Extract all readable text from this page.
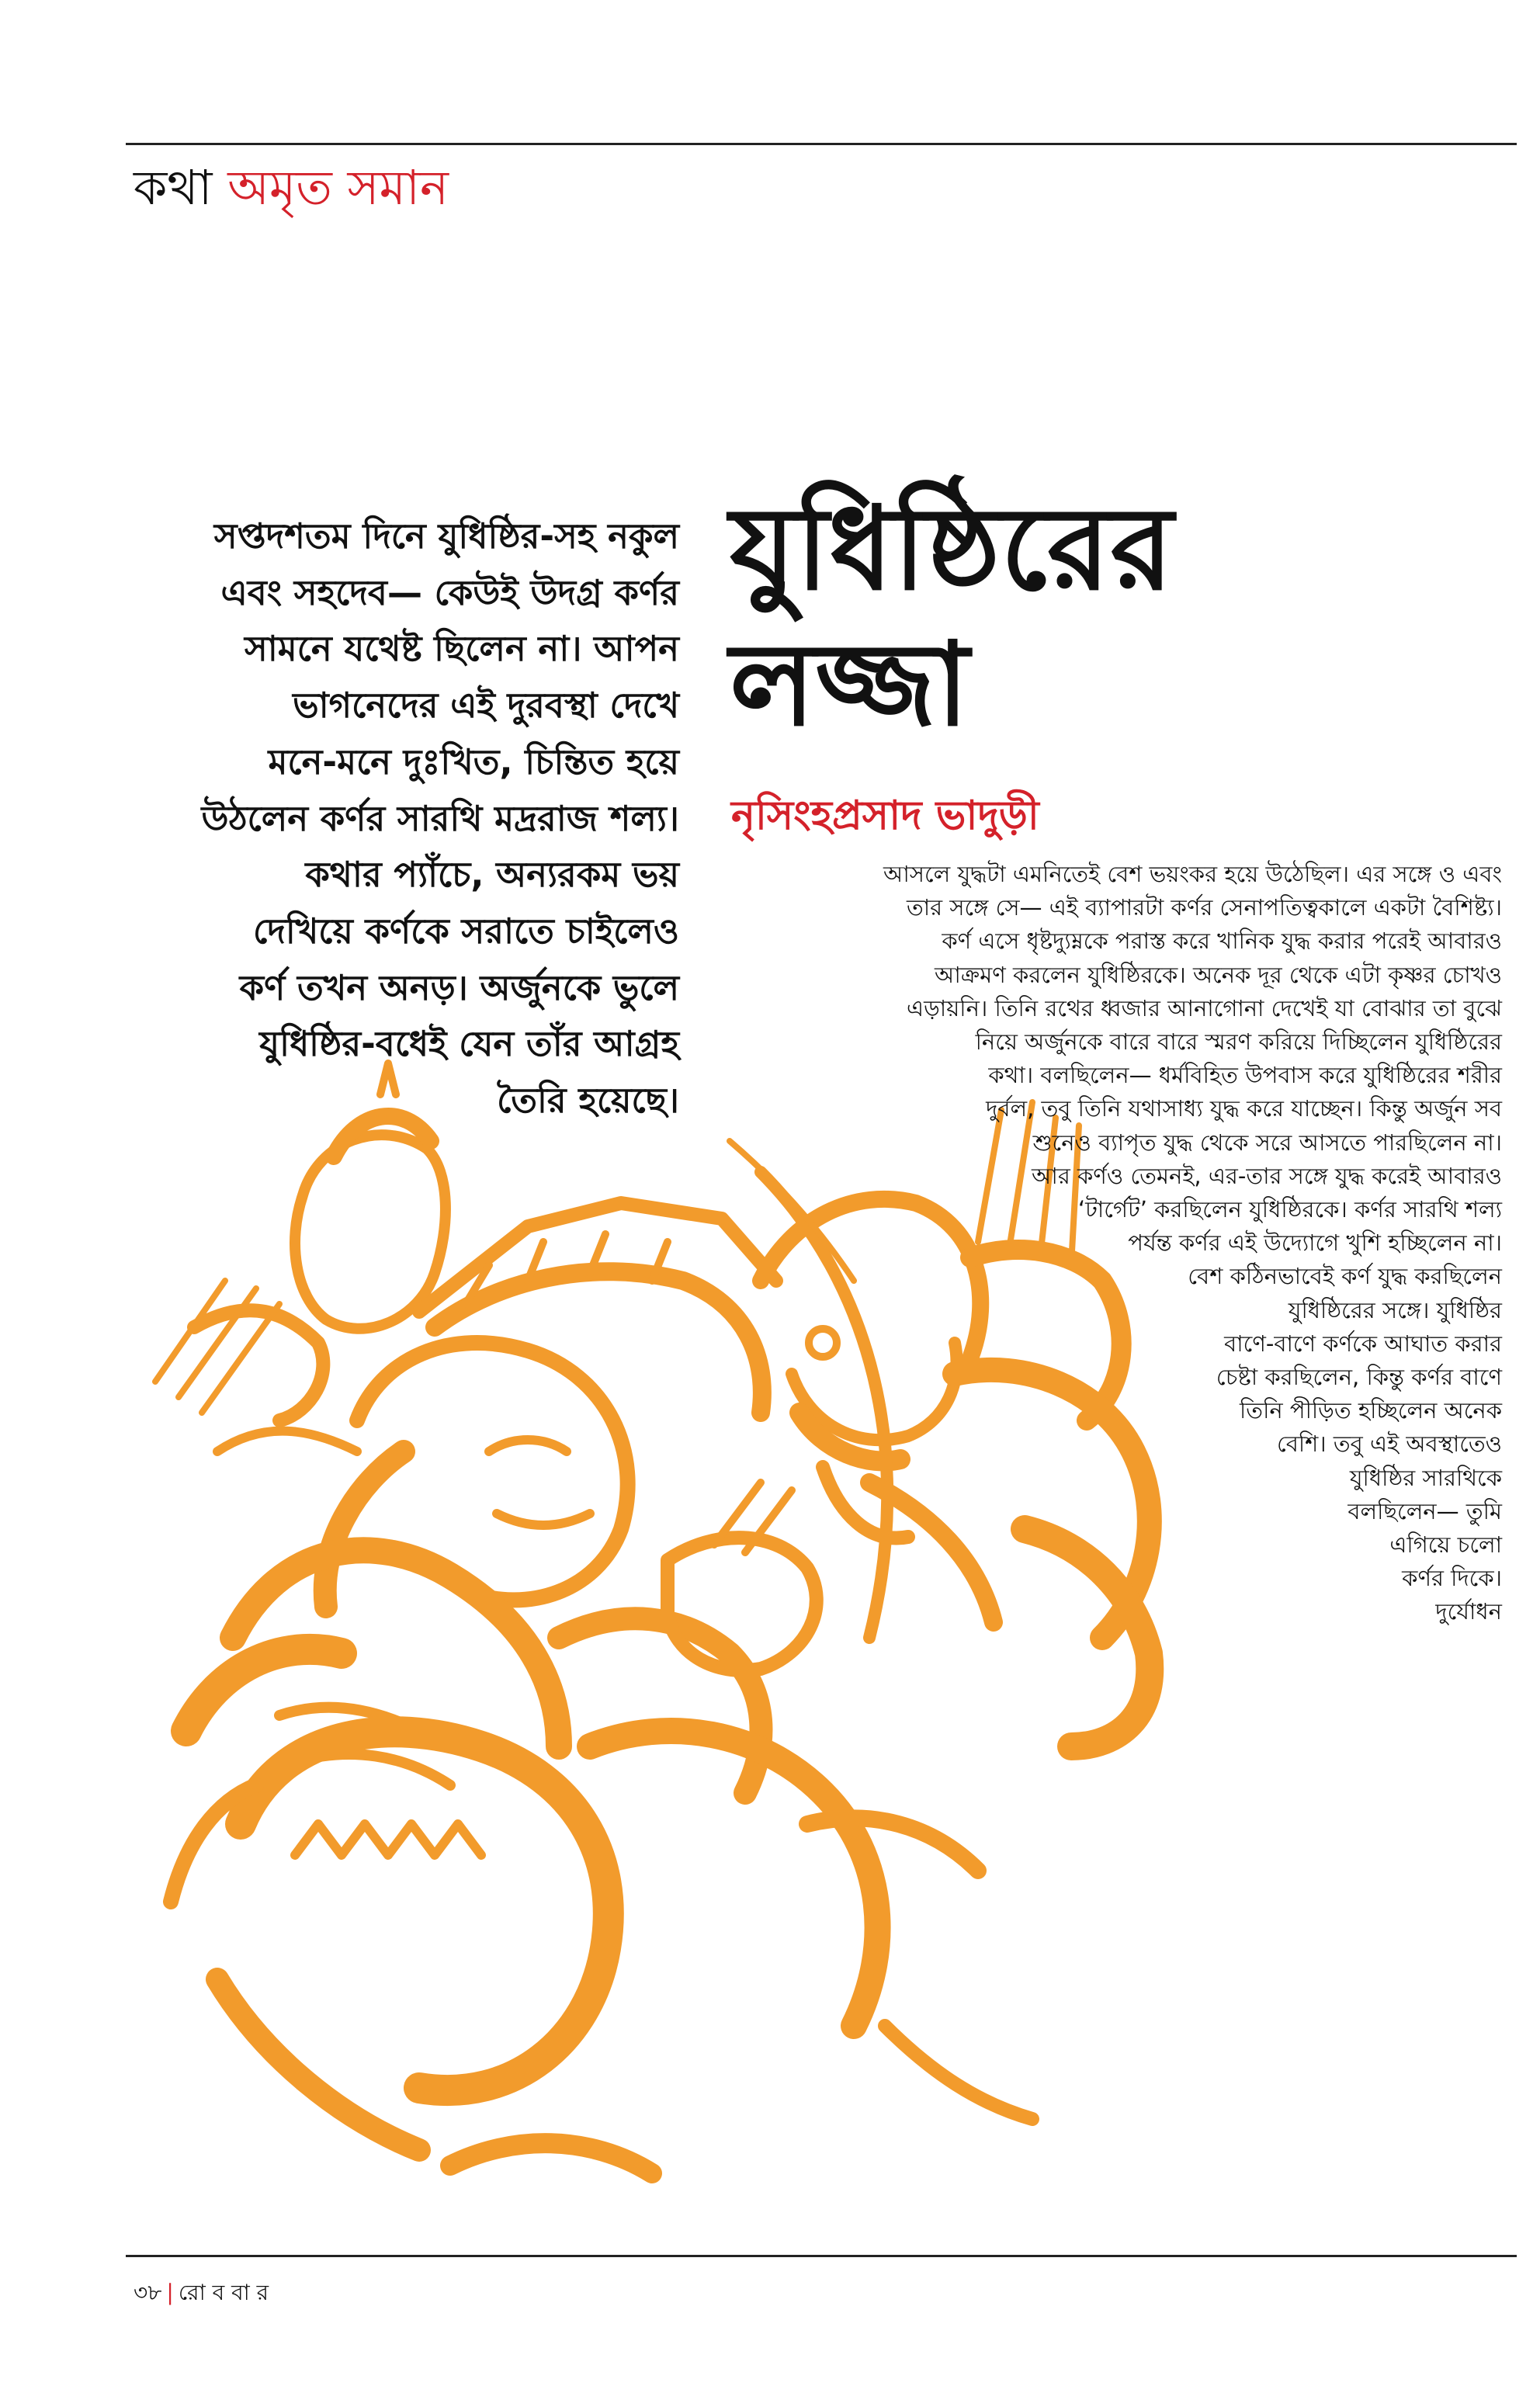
কথা অমৃত সমান
সপ্তদশতম দিনে যুধিষ্ঠির-সহ নকুল
এবং সহদেব— কেউই উদগ্র কর্ণর
সামনে যথেষ্ট ছিলেন না। আপন
ভাগনেদের এই দুরবস্থা দেখে
মনে-মনে দুঃখিত, চিন্তিত হয়ে
উঠলেন কর্ণর সারথি মদ্ররাজ শল্য।
কথার প্যাঁচে, অন্যরকম ভয়
দেখিয়ে কর্ণকে সরাতে চাইলেও
কর্ণ তখন অনড়। অর্জুনকে ভুলে
যুধিষ্ঠির-বধেই যেন তাঁর আগ্রহ
তৈরি হয়েছে।
যুধিষ্ঠিরের
লজ্জা
নৃসিংহপ্রসাদ ভাদুড়ী
আসলে যুদ্ধটা এমনিতেই বেশ ভয়ংকর হয়ে উঠেছিল। এর সঙ্গে ও এবং
তার সঙ্গে সে— এই ব্যাপারটা কর্ণর সেনাপতিত্বকালে একটা বৈশিষ্ট্য।
কর্ণ এসে ধৃষ্টদ্যুম্নকে পরাস্ত করে খানিক যুদ্ধ করার পরেই আবারও
আক্রমণ করলেন যুধিষ্ঠিরকে। অনেক দূর থেকে এটা কৃষ্ণর চোখও
এড়ায়নি। তিনি রথের ধ্বজার আনাগোনা দেখেই যা বোঝার তা বুঝে
নিয়ে অর্জুনকে বারে বারে স্মরণ করিয়ে দিচ্ছিলেন যুধিষ্ঠিরের
কথা। বলছিলেন— ধর্মবিহিত উপবাস করে যুধিষ্ঠিরের শরীর
দুর্বল, তবু তিনি যথাসাধ্য যুদ্ধ করে যাচ্ছেন। কিন্তু অর্জুন সব
শুনেও ব্যাপৃত যুদ্ধ থেকে সরে আসতে পারছিলেন না।
আর কর্ণও তেমনই, এর-তার সঙ্গে যুদ্ধ করেই আবারও
‘টার্গেট’ করছিলেন যুধিষ্ঠিরকে। কর্ণর সারথি শল্য
পর্যন্ত কর্ণর এই উদ্যোগে খুশি হচ্ছিলেন না।
বেশ কঠিনভাবেই কর্ণ যুদ্ধ করছিলেন
যুধিষ্ঠিরের সঙ্গে। যুধিষ্ঠির
বাণে-বাণে কর্ণকে আঘাত করার
চেষ্টা করছিলেন, কিন্তু কর্ণর বাণে
তিনি পীড়িত হচ্ছিলেন অনেক
বেশি। তবু এই অবস্থাতেও
যুধিষ্ঠির সারথিকে
বলছিলেন— তুমি
এগিয়ে চলো
কর্ণর দিকে।
দুর্যোধন
৩৮ | রো ব বা র
